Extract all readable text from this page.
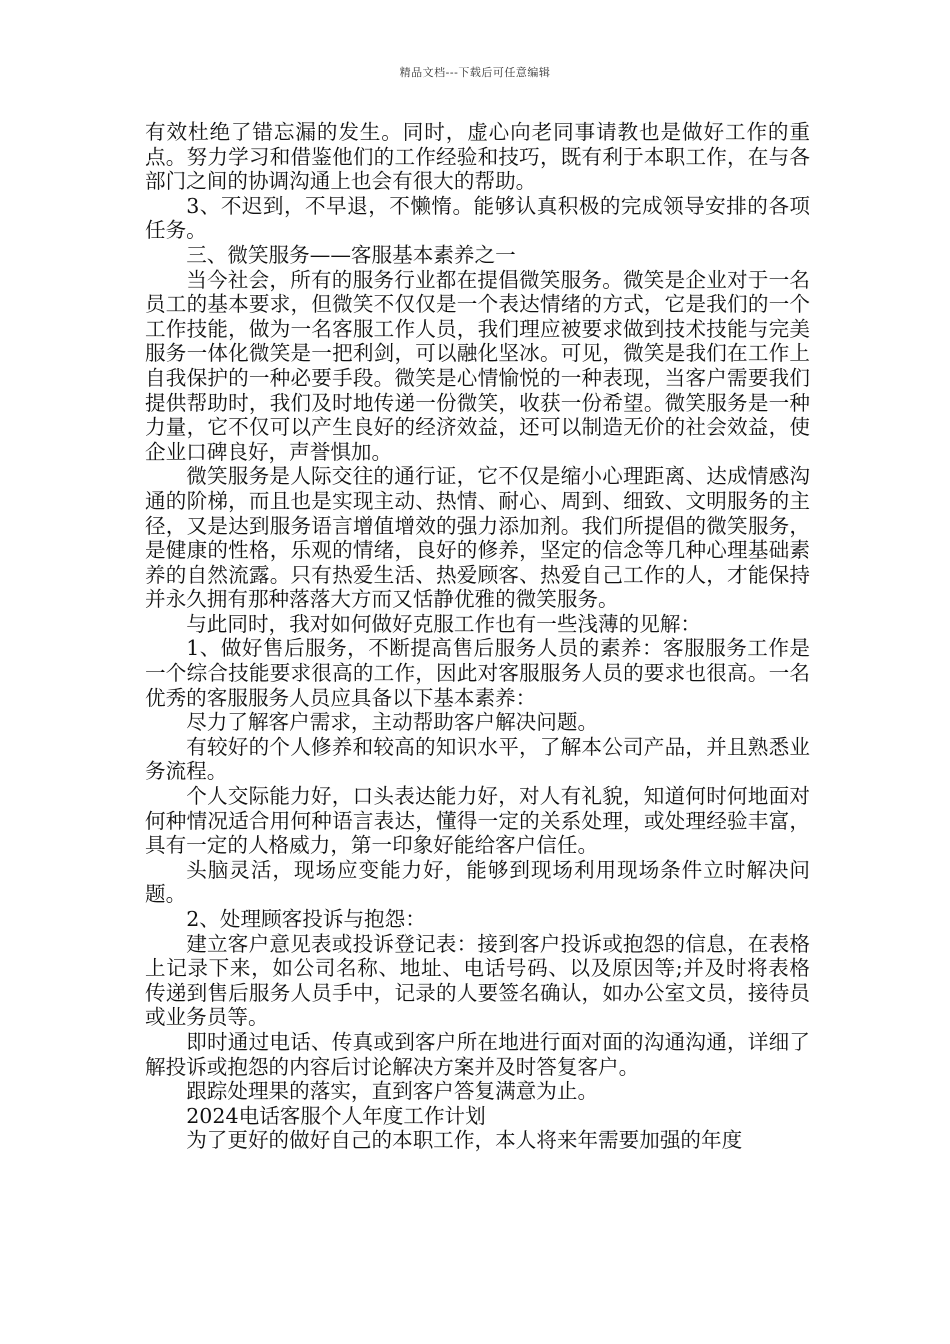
精品文档---下载后可任意编辑

有效杜绝了错忘漏的发生。同时，虚心向老同事请教也是做好工作的重点。努力学习和借鉴他们的工作经验和技巧，既有利于本职工作，在与各部门之间的协调沟通上也会有很大的帮助。

3、不迟到，不早退，不懒惰。能够认真积极的完成领导安排的各项任务。

三、微笑服务——客服基本素养之一

当今社会，所有的服务行业都在提倡微笑服务。微笑是企业对于一名员工的基本要求，但微笑不仅仅是一个表达情绪的方式，它是我们的一个工作技能，做为一名客服工作人员，我们理应被要求做到技术技能与完美服务一体化微笑是一把利剑，可以融化坚冰。可见，微笑是我们在工作上自我保护的一种必要手段。微笑是心情愉悦的一种表现，当客户需要我们提供帮助时，我们及时地传递一份微笑，收获一份希望。微笑服务是一种力量，它不仅可以产生良好的经济效益，还可以制造无价的社会效益，使企业口碑良好，声誉惧加。

微笑服务是人际交往的通行证，它不仅是缩小心理距离、达成情感沟通的阶梯，而且也是实现主动、热情、耐心、周到、细致、文明服务的主径，又是达到服务语言增值增效的强力添加剂。我们所提倡的微笑服务，是健康的性格，乐观的情绪，良好的修养，坚定的信念等几种心理基础素养的自然流露。只有热爱生活、热爱顾客、热爱自己工作的人，才能保持并永久拥有那种落落大方而又恬静优雅的微笑服务。

与此同时，我对如何做好克服工作也有一些浅薄的见解：

1、做好售后服务，不断提高售后服务人员的素养：客服服务工作是一个综合技能要求很高的工作，因此对客服服务人员的要求也很高。一名优秀的客服服务人员应具备以下基本素养：

尽力了解客户需求，主动帮助客户解决问题。

有较好的个人修养和较高的知识水平，了解本公司产品，并且熟悉业务流程。

个人交际能力好，口头表达能力好，对人有礼貌，知道何时何地面对何种情况适合用何种语言表达，懂得一定的关系处理，或处理经验丰富，具有一定的人格威力，第一印象好能给客户信任。

头脑灵活，现场应变能力好，能够到现场利用现场条件立时解决问题。

2、处理顾客投诉与抱怨：

建立客户意见表或投诉登记表：接到客户投诉或抱怨的信息，在表格上记录下来，如公司名称、地址、电话号码、以及原因等;并及时将表格传递到售后服务人员手中，记录的人要签名确认，如办公室文员，接待员或业务员等。

即时通过电话、传真或到客户所在地进行面对面的沟通沟通，详细了解投诉或抱怨的内容后讨论解决方案并及时答复客户。

跟踪处理果的落实，直到客户答复满意为止。

2024电话客服个人年度工作计划

为了更好的做好自己的本职工作，本人将来年需要加强的年度
